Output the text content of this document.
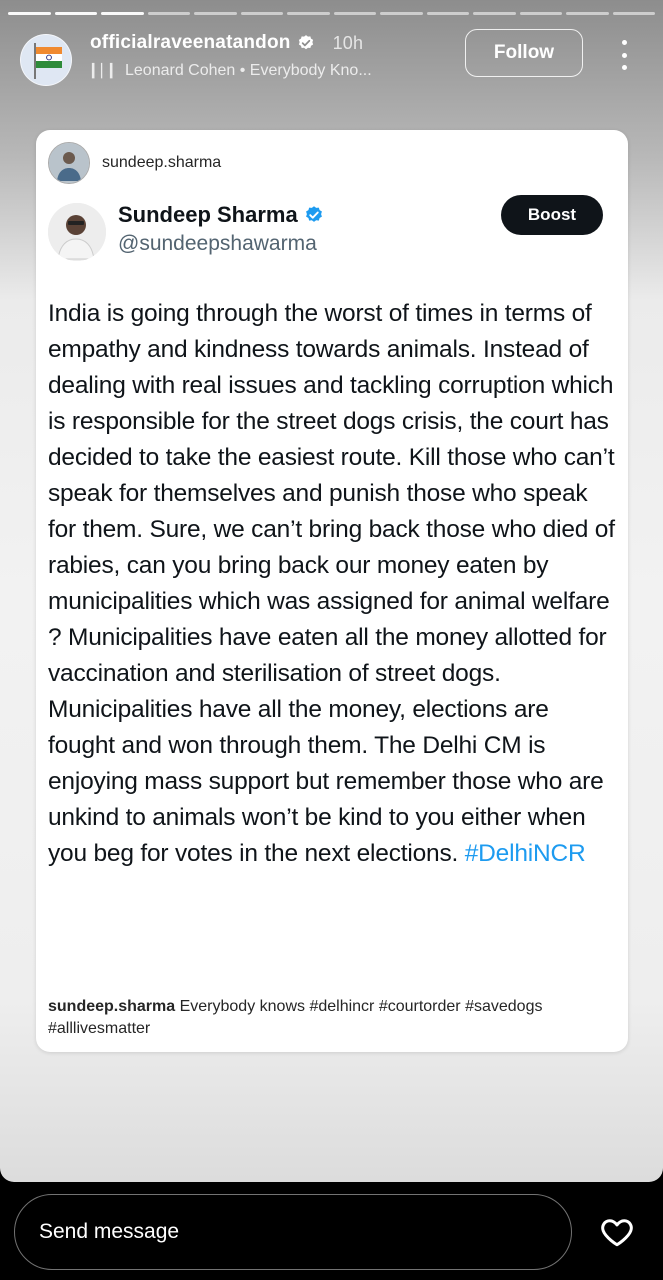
officialraveenatandon 10h
▎▏▎ Leonard Cohen • Everybody Kno...
Follow
sundeep.sharma
Sundeep Sharma
@sundeepshawarma
Boost
India is going through the worst of times in terms of empathy and kindness towards animals. Instead of dealing with real issues and tackling corruption which is responsible for the street dogs crisis, the court has decided to take the easiest route. Kill those who can’t speak for themselves and punish those who speak for them. Sure, we can’t bring back those who died of rabies, can you bring back our money eaten by municipalities which was assigned for animal welfare ? Municipalities have eaten all the money allotted for vaccination and sterilisation of street dogs. Municipalities have all the money, elections are fought and won through them. The Delhi CM is enjoying mass support but remember those who are unkind to animals won’t be kind to you either when you beg for votes in the next elections. #DelhiNCR
sundeep.sharma Everybody knows #delhincr #courtorder #savedogs #alllivesmatter
Send message
